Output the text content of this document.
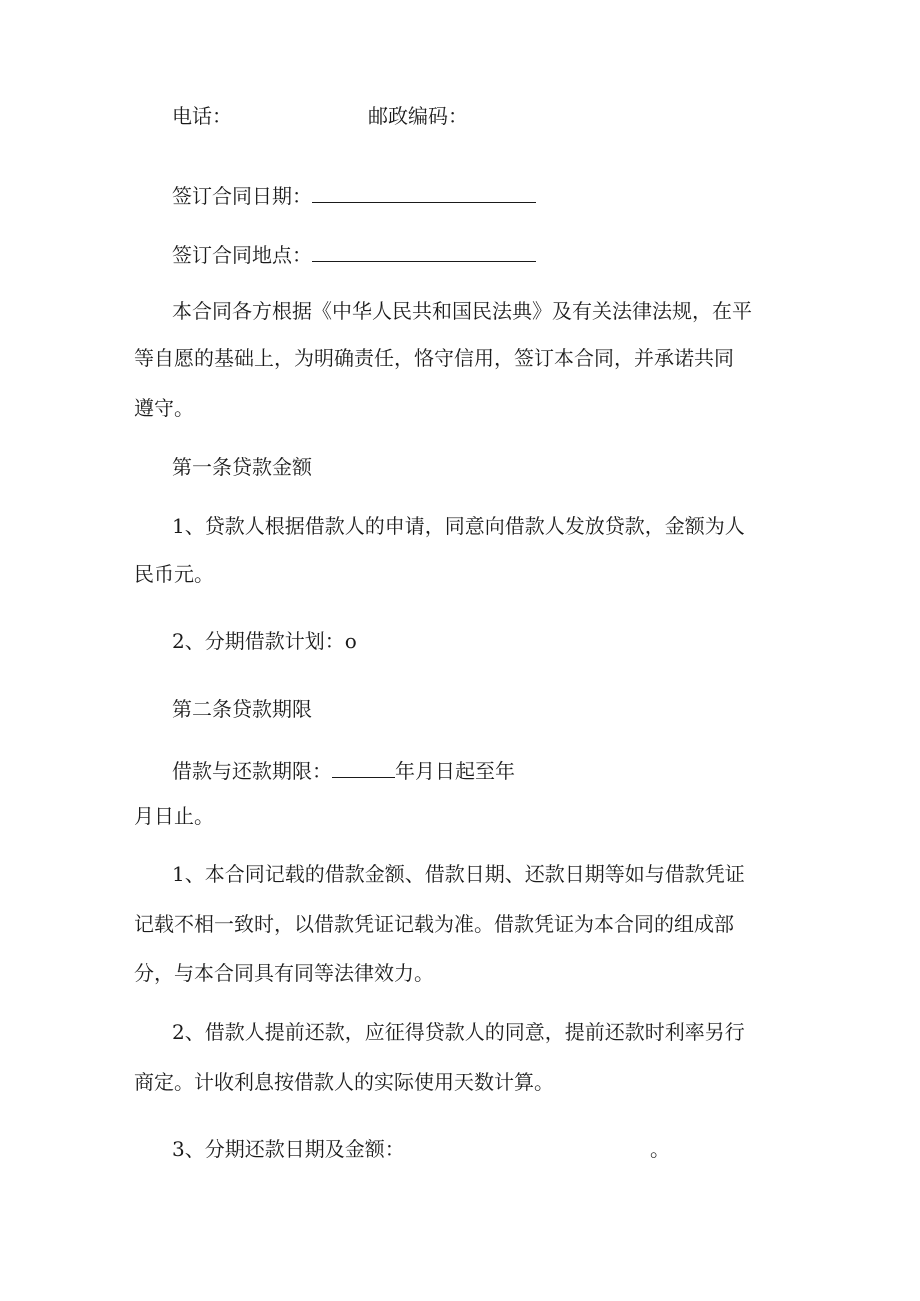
电话：	邮政编码：
签订合同日期：
签订合同地点：
本合同各方根据《中华人民共和国民法典》及有关法律法规，在平
等自愿的基础上，为明确责任，恪守信用，签订本合同，并承诺共同
遵守。
第一条贷款金额
1、贷款人根据借款人的申请，同意向借款人发放贷款，金额为人
民币元。
2、分期借款计划：o
第二条贷款期限
借款与还款期限：	年月日起至年
月日止。
1、本合同记载的借款金额、借款日期、还款日期等如与借款凭证
记载不相一致时，以借款凭证记载为准。借款凭证为本合同的组成部
分，与本合同具有同等法律效力。
2、借款人提前还款，应征得贷款人的同意，提前还款时利率另行
商定。计收利息按借款人的实际使用天数计算。
3、分期还款日期及金额：	。
